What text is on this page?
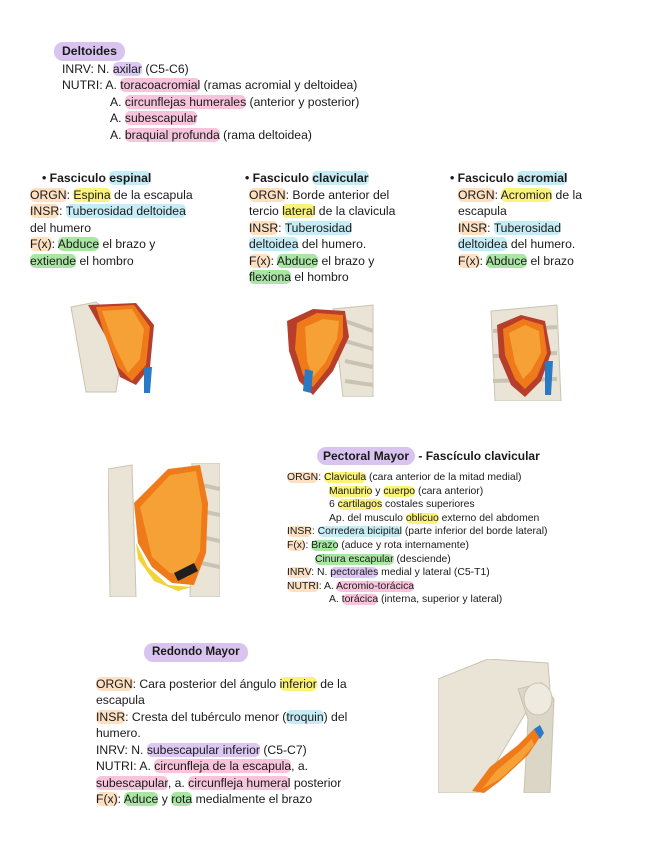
Deltoides
INRV: N. axilar (C5-C6)
NUTRI: A. toracoacromial (ramas acromial y deltoidea)
A. circunflejas humerales (anterior y posterior)
A. subescapular
A. braquial profunda (rama deltoidea)
• Fasciculo espinal
ORGN: Espina de la escapula
INSR: Tuberosidad deltoidea
del humero
F(x): Abduce el brazo y
extiende el hombro
• Fasciculo clavicular
ORGN: Borde anterior del
tercio lateral de la clavicula
INSR: Tuberosidad
deltoidea del humero.
F(x): Abduce el brazo y
flexiona el hombro
• Fasciculo acromial
ORGN: Acromion de la
escapula
INSR: Tuberosidad
deltoidea del humero.
F(x): Abduce el brazo
Pectoral Mayor - Fascículo clavicular
ORGN: Clavicula (cara anterior de la mitad medial)
Manubrio y cuerpo (cara anterior)
6 cartilagos costales superiores
Ap. del musculo oblicuo externo del abdomen
INSR: Corredera bicipital (parte inferior del borde lateral)
F(x): Brazo (aduce y rota internamente)
Cinura escapular (desciende)
INRV: N. pectorales medial y lateral (C5-T1)
NUTRI: A. Acromio-torácica
A. torácica (interna, superior y lateral)
Redondo Mayor
ORGN: Cara posterior del ángulo inferior de la
escapula
INSR: Cresta del tubérculo menor (troquin) del
humero.
INRV: N. subescapular inferior (C5-C7)
NUTRI: A. circunfleja de la escapula, a.
subescapular, a. circunfleja humeral posterior
F(x): Aduce y rota medialmente el brazo
